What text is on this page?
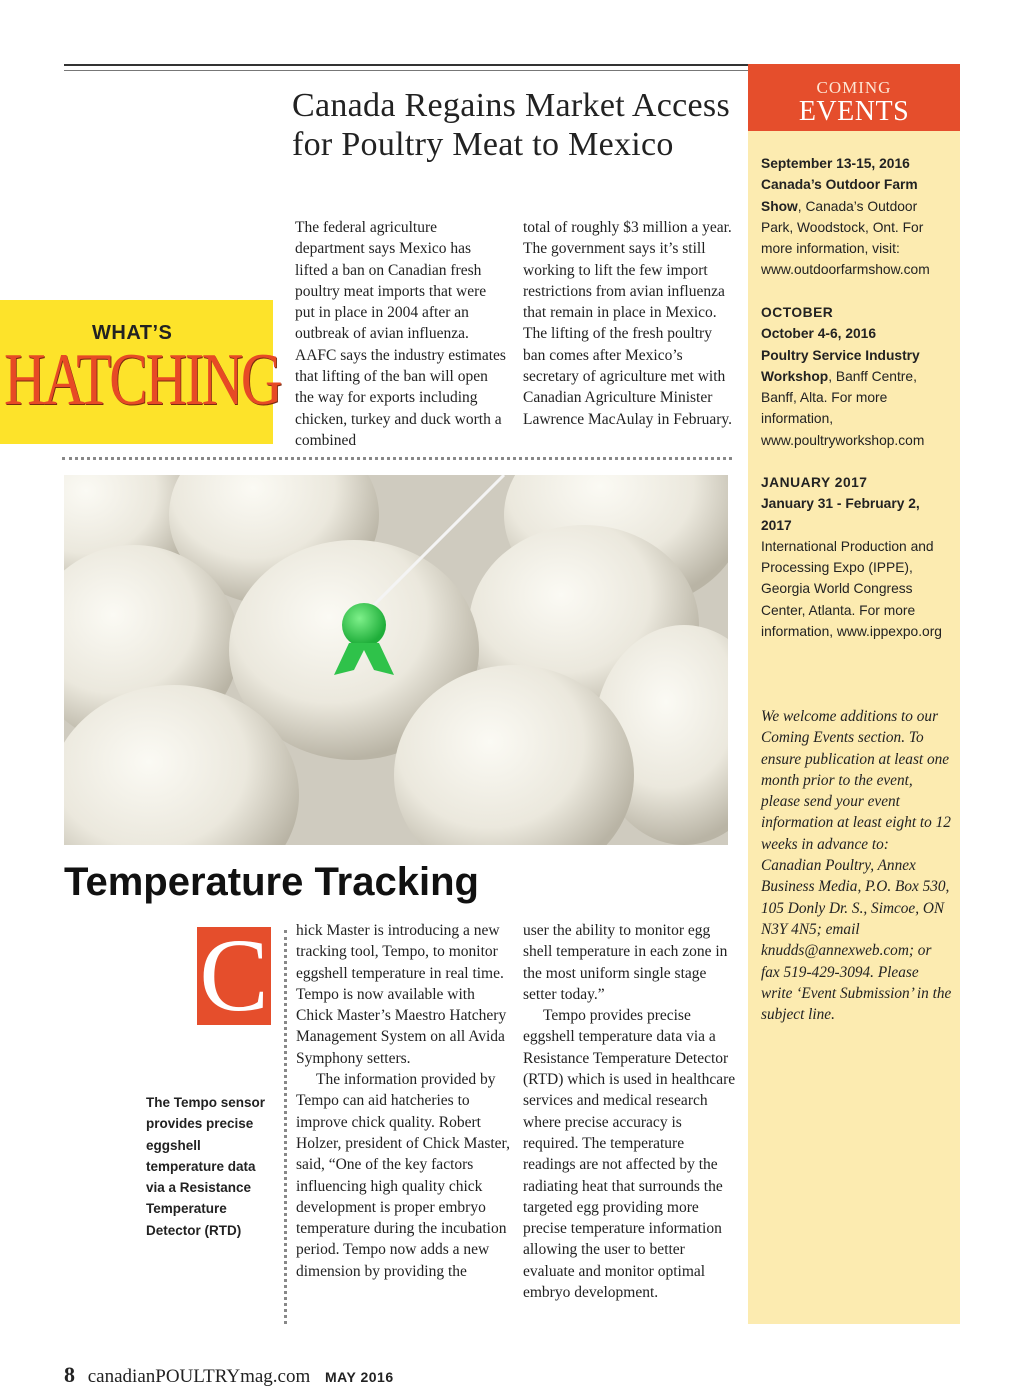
Canada Regains Market Access for Poultry Meat to Mexico
The federal agriculture department says Mexico has lifted a ban on Canadian fresh poultry meat imports that were put in place in 2004 after an outbreak of avian influenza. AAFC says the industry estimates that lifting of the ban will open the way for exports including chicken, turkey and duck worth a combined
total of roughly $3 million a year. The government says it’s still working to lift the few import restrictions from avian influenza that remain in place in Mexico. The lifting of the fresh poultry ban comes after Mexico’s secretary of agriculture met with Canadian Agriculture Minister Lawrence MacAulay in February.
WHAT’S
HATCHING
Temperature Tracking
C hick Master is introducing a new tracking tool, Tempo, to monitor eggshell temperature in real time. Tempo is now available with Chick Master’s Maestro Hatchery Management System on all Avida Symphony setters.
The information provided by Tempo can aid hatcheries to improve chick quality. Robert Holzer, president of Chick Master, said, “One of the key factors influencing high quality chick development is proper embryo temperature during the incubation period. Tempo now adds a new dimension by providing the
user the ability to monitor egg shell temperature in each zone in the most uniform single stage setter today.”
Tempo provides precise eggshell temperature data via a Resistance Temperature Detector (RTD) which is used in healthcare services and medical research where precise accuracy is required. The temperature readings are not affected by the radiating heat that surrounds the targeted egg providing more precise temperature information allowing the user to better evaluate and monitor optimal embryo development.
The Tempo sensor provides precise eggshell temperature data via a Resistance Temperature Detector (RTD)
8 canadianPOULTRYmag.com MAY 2016
COMING
EVENTS
September 13-15, 2016
Canada’s Outdoor Farm Show, Canada’s Outdoor Park, Woodstock, Ont. For more information, visit: www.outdoorfarmshow.com
OCTOBER
October 4-6, 2016
Poultry Service Industry Workshop, Banff Centre, Banff, Alta. For more information, www.poultryworkshop.com
JANUARY 2017
January 31 - February 2, 2017
International Production and Processing Expo (IPPE), Georgia World Congress Center, Atlanta. For more information, www.ippexpo.org
We welcome additions to our Coming Events section. To ensure publication at least one month prior to the event, please send your event information at least eight to 12 weeks in advance to: Canadian Poultry, Annex Business Media, P.O. Box 530, 105 Donly Dr. S., Simcoe, ON N3Y 4N5; email knudds@annexweb.com; or fax 519-429-3094. Please write ‘Event Submission’ in the subject line.
